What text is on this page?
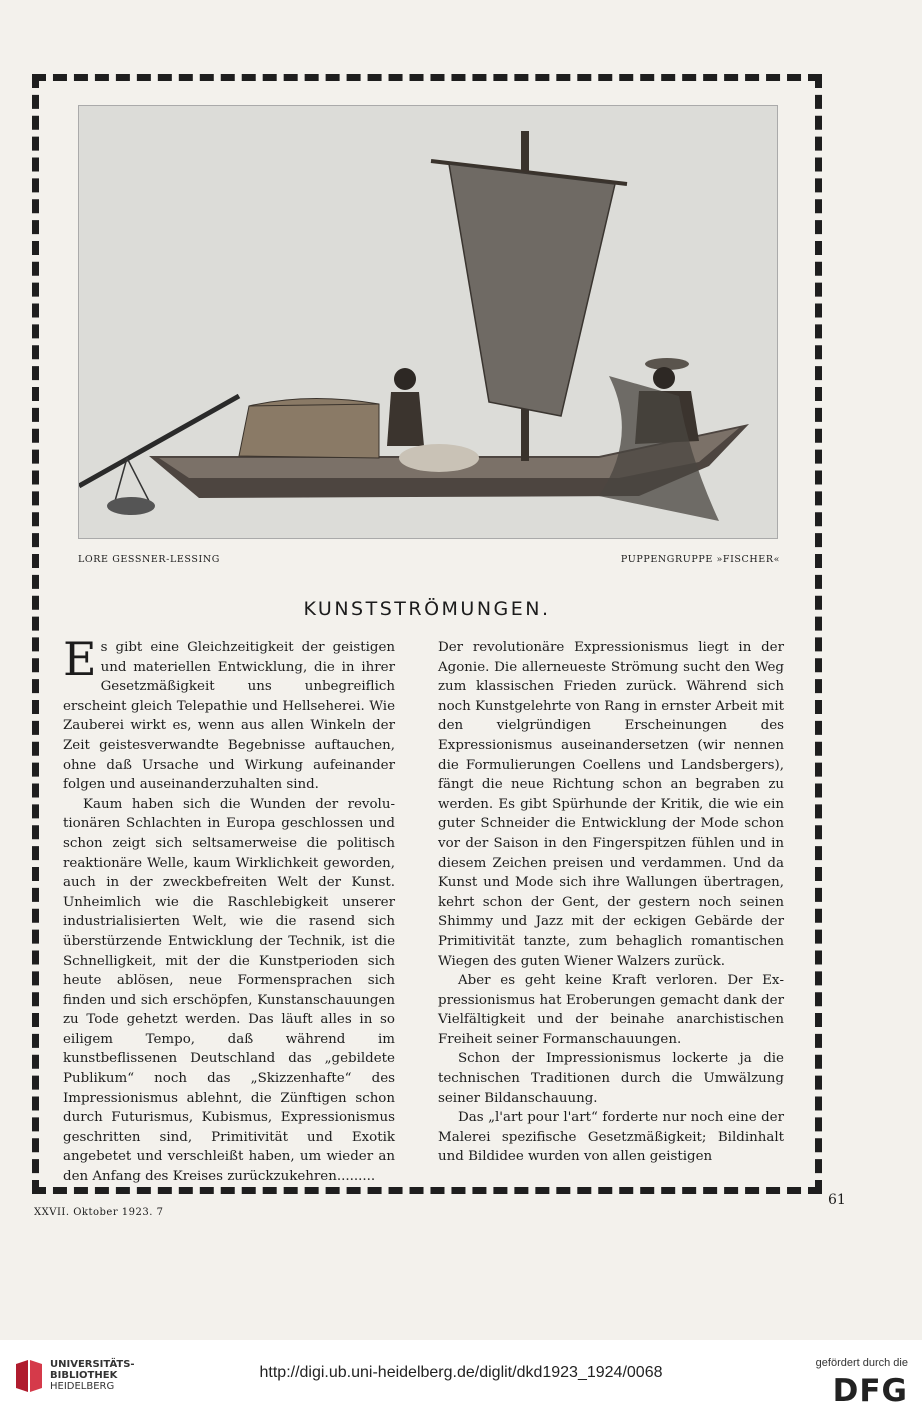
LORE GESSNER-LESSING	PUPPENGRUPPE »FISCHER«
KUNSTSTRÖMUNGEN.

Es gibt eine Gleichzeitigkeit der geistigen und materiellen Entwicklung, die in ihrer Gesetzmäßigkeit uns unbegreiflich erscheint gleich Telepathie und Hellseherei. Wie Zauberei wirkt es, wenn aus allen Winkeln der Zeit geistesverwandte Begebnisse auftauchen, ohne daß Ursache und Wirkung aufeinander folgen und auseinanderzuhalten sind.

Kaum haben sich die Wunden der revolutionären Schlachten in Europa geschlossen und schon zeigt sich seltsamerweise die politisch reaktionäre Welle, kaum Wirklichkeit geworden, auch in der zweckbefreiten Welt der Kunst. Unheimlich wie die Raschlebigkeit unserer industrialisierten Welt, wie die rasend sich überstürzende Entwicklung der Technik, ist die Schnelligkeit, mit der die Kunstperioden sich heute ablösen, neue Formensprachen sich finden und sich erschöpfen, Kunstanschauungen zu Tode gehetzt werden. Das läuft alles in so eiligem Tempo, daß während im kunstbeflissenen Deutschland das „gebildete Publikum“ noch das „Skizzenhafte“ des Impressionismus ablehnt, die Zünftigen schon durch Futurismus, Kubismus, Expressionismus geschritten sind, Primitivität und Exotik angebetet und verschleißt haben, um wieder an den Anfang des Kreises zurückzukehren.........

Der revolutionäre Expressionismus liegt in der Agonie. Die allerneueste Strömung sucht den Weg zum klassischen Frieden zurück. Während sich noch Kunstgelehrte von Rang in ernster Arbeit mit den vielgründigen Erscheinungen des Expressionismus auseinandersetzen (wir nennen die Formulierungen Coellens und Landsbergers), fängt die neue Richtung schon an begraben zu werden. Es gibt Spürhunde der Kritik, die wie ein guter Schneider die Entwicklung der Mode schon vor der Saison in den Fingerspitzen fühlen und in diesem Zeichen preisen und verdammen. Und da Kunst und Mode sich ihre Wallungen übertragen, kehrt schon der Gent, der gestern noch seinen Shimmy und Jazz mit der eckigen Gebärde der Primitivität tanzte, zum behaglich romantischen Wiegen des guten Wiener Walzers zurück.

Aber es geht keine Kraft verloren. Der Expressionismus hat Eroberungen gemacht dank der Vielfältigkeit und der beinahe anarchistischen Freiheit seiner Formanschauungen.

Schon der Impressionismus lockerte ja die technischen Traditionen durch die Umwälzung seiner Bildanschauung.

Das „l'art pour l'art“ forderte nur noch eine der Malerei spezifische Gesetzmäßigkeit; Bildinhalt und Bildidee wurden von allen geistigen

61
XXVII. Oktober 1923. 7
UNIVERSITÄTS-
BIBLIOTHEK
HEIDELBERG
http://digi.ub.uni-heidelberg.de/diglit/dkd1923_1924/0068
gefördert durch die
DFG
